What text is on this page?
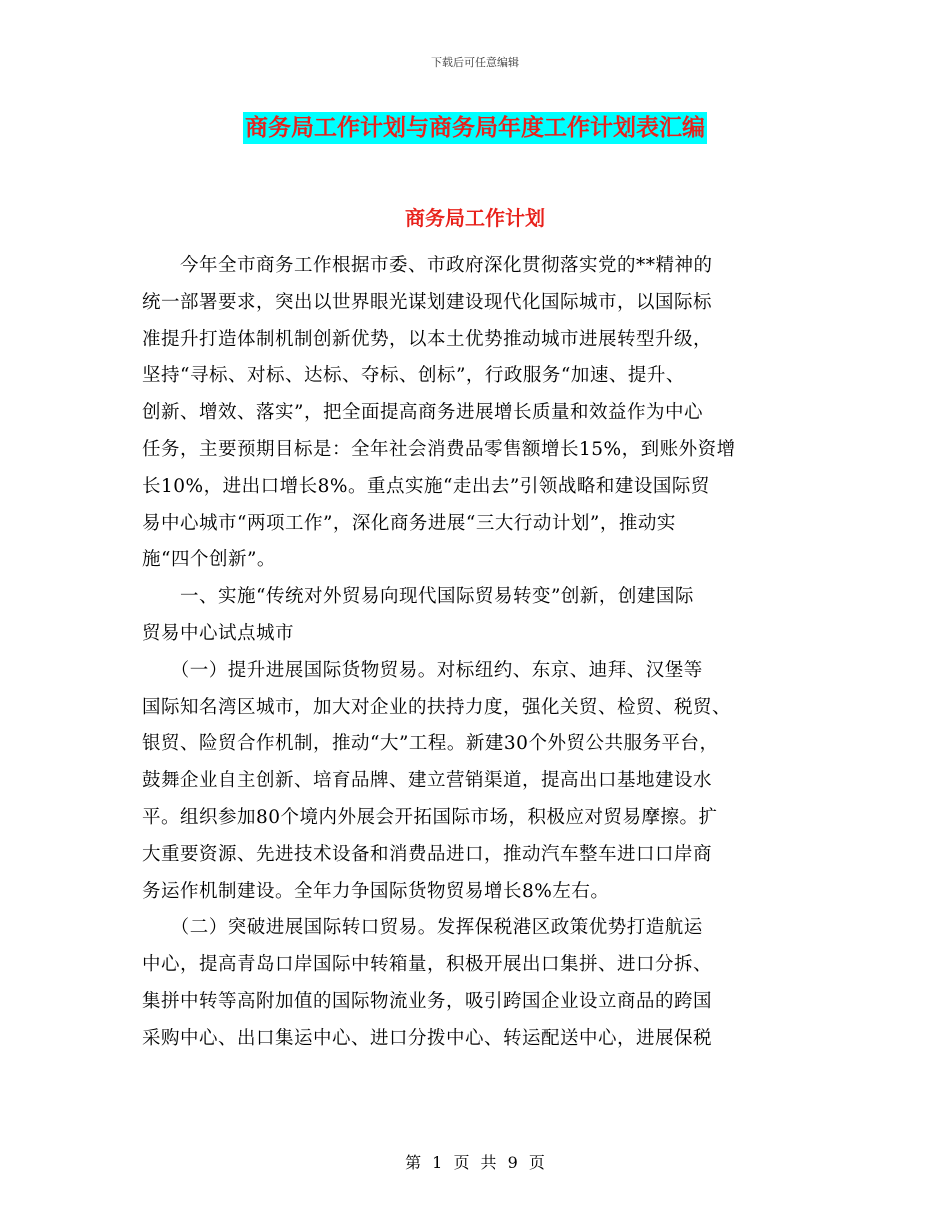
下载后可任意编辑
商务局工作计划与商务局年度工作计划表汇编
商务局工作计划
　　今年全市商务工作根据市委、市政府深化贯彻落实党的**精神的
统一部署要求，突出以世界眼光谋划建设现代化国际城市，以国际标
准提升打造体制机制创新优势，以本土优势推动城市进展转型升级，
坚持“寻标、对标、达标、夺标、创标”，行政服务“加速、提升、
创新、增效、落实”，把全面提高商务进展增长质量和效益作为中心
任务，主要预期目标是：全年社会消费品零售额增长15%，到账外资增
长10%，进出口增长8%。重点实施“走出去”引领战略和建设国际贸
易中心城市“两项工作”，深化商务进展“三大行动计划”，推动实
施“四个创新”。
　　一、实施“传统对外贸易向现代国际贸易转变”创新，创建国际
贸易中心试点城市
　　（一）提升进展国际货物贸易。对标纽约、东京、迪拜、汉堡等
国际知名湾区城市，加大对企业的扶持力度，强化关贸、检贸、税贸、
银贸、险贸合作机制，推动“大”工程。新建30个外贸公共服务平台，
鼓舞企业自主创新、培育品牌、建立营销渠道，提高出口基地建设水
平。组织参加80个境内外展会开拓国际市场，积极应对贸易摩擦。扩
大重要资源、先进技术设备和消费品进口，推动汽车整车进口口岸商
务运作机制建设。全年力争国际货物贸易增长8%左右。
　　（二）突破进展国际转口贸易。发挥保税港区政策优势打造航运
中心，提高青岛口岸国际中转箱量，积极开展出口集拼、进口分拆、
集拼中转等高附加值的国际物流业务，吸引跨国企业设立商品的跨国
采购中心、出口集运中心、进口分拨中心、转运配送中心，进展保税
第 1 页 共 9 页
